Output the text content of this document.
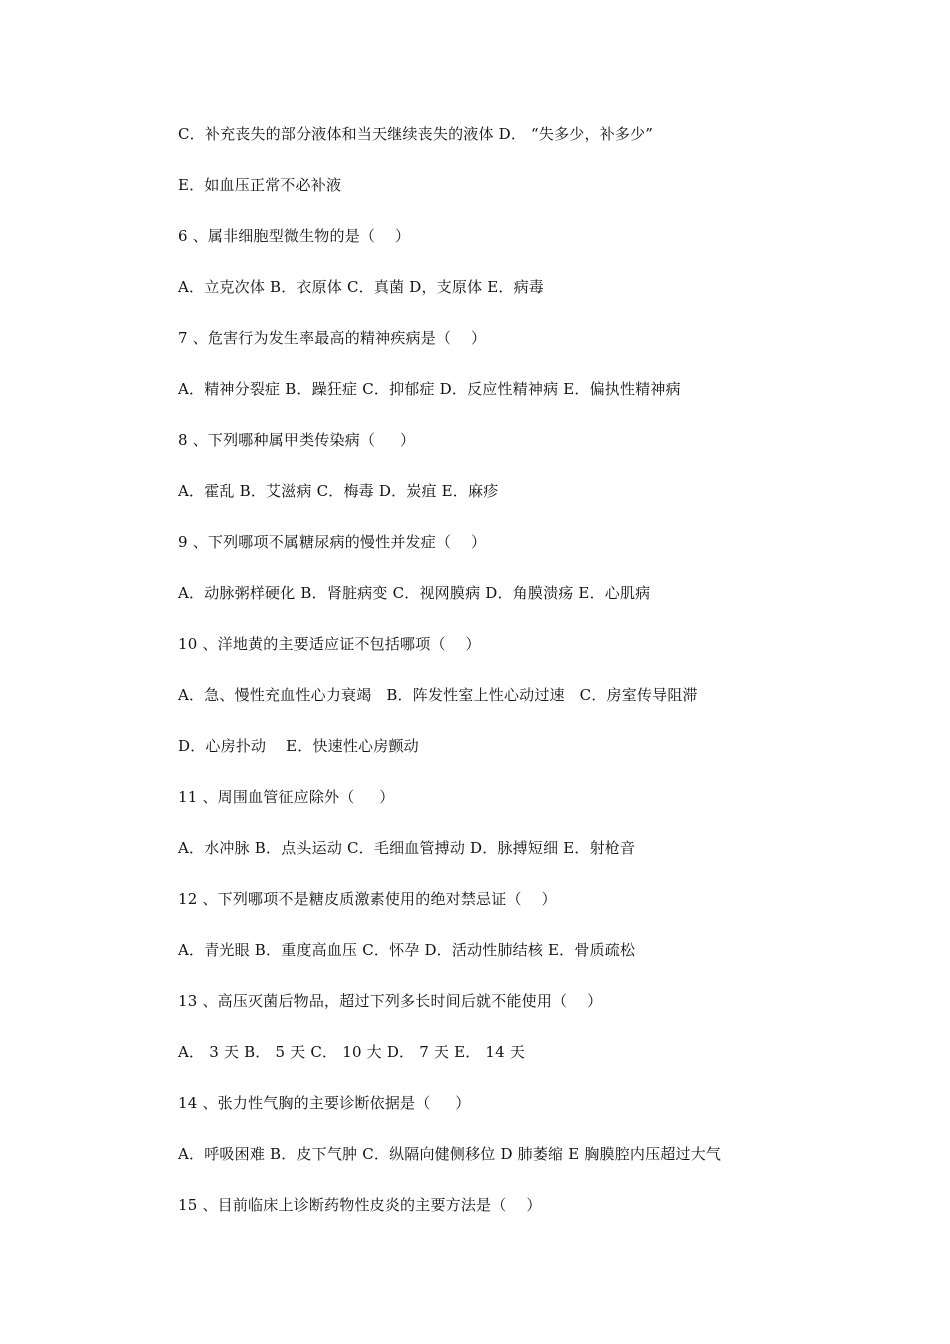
C．补充丧失的部分液体和当天继续丧失的液体 D． “失多少，补多少”
E．如血压正常不必补液
6 、属非细胞型微生物的是（    ）
A．立克次体 B．衣原体 C．真菌 D，支原体 E．病毒
7 、危害行为发生率最高的精神疾病是（    ）
A．精神分裂症 B．躁狂症 C．抑郁症 D．反应性精神病 E．偏执性精神病
8 、下列哪种属甲类传染病（     ）
A．霍乱 B．艾滋病 C．梅毒 D．炭疽 E．麻疹
9 、下列哪项不属糖尿病的慢性并发症（    ）
A．动脉粥样硬化 B．肾脏病变 C．视网膜病 D．角膜溃疡 E．心肌病
10 、洋地黄的主要适应证不包括哪项（    ）
A．急、慢性充血性心力衰竭   B．阵发性室上性心动过速   C．房室传导阻滞
D．心房扑动    E．快速性心房颤动
11 、周围血管征应除外（     ）
A．水冲脉 B．点头运动 C．毛细血管搏动 D．脉搏短细 E．射枪音
12 、下列哪项不是糖皮质激素使用的绝对禁忌证（    ）
A．青光眼 B．重度高血压 C．怀孕 D．活动性肺结核 E．骨质疏松
13 、高压灭菌后物品，超过下列多长时间后就不能使用（    ）
A． 3 天 B． 5 天 C． 10 大 D． 7 天 E． 14 天
14 、张力性气胸的主要诊断依据是（     ）
A．呼吸困难 B．皮下气肿 C．纵隔向健侧移位 D 肺萎缩 E 胸膜腔内压超过大气
15 、目前临床上诊断药物性皮炎的主要方法是（    ）
